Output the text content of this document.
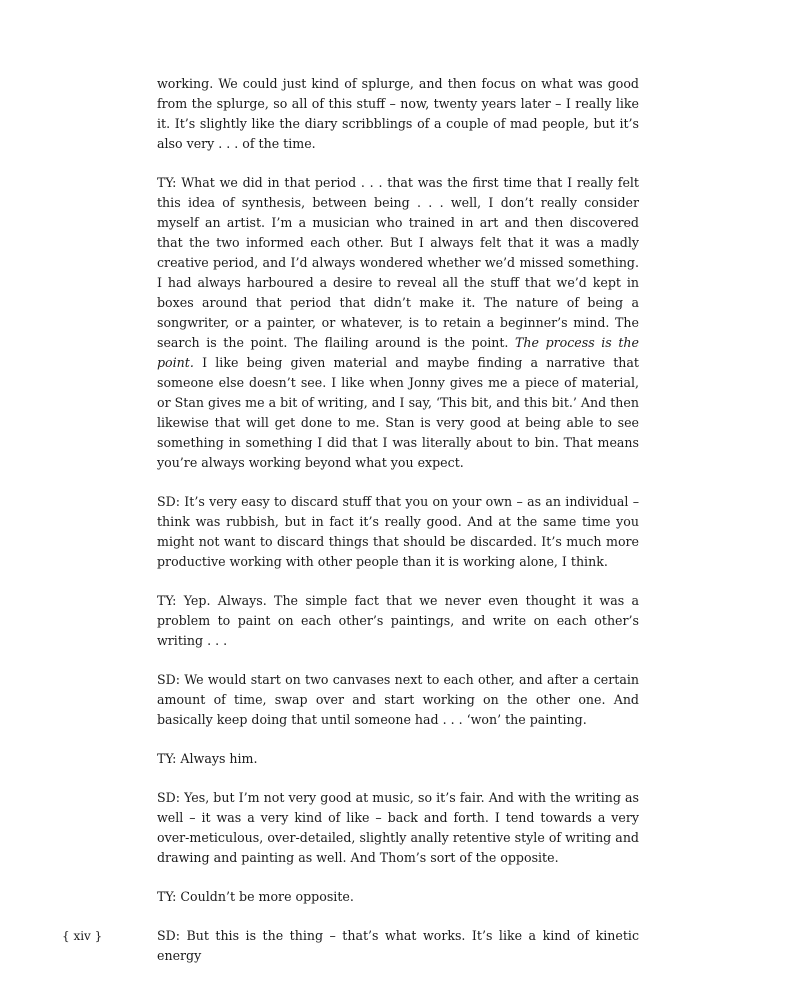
working. We could just kind of splurge, and then focus on what was good from the splurge, so all of this stuff – now, twenty years later – I really like it. It’s slightly like the diary scribblings of a couple of mad people, but it’s also very . . . of the time.

TY: What we did in that period . . . that was the first time that I really felt this idea of synthesis, between being . . . well, I don’t really consider myself an artist. I’m a musician who trained in art and then discovered that the two informed each other. But I always felt that it was a madly creative period, and I’d always wondered whether we’d missed something. I had always harboured a desire to reveal all the stuff that we’d kept in boxes around that period that didn’t make it. The nature of being a songwriter, or a painter, or whatever, is to retain a beginner’s mind. The search is the point. The flailing around is the point. The process is the point. I like being given material and maybe finding a narrative that someone else doesn’t see. I like when Jonny gives me a piece of material, or Stan gives me a bit of writing, and I say, ‘This bit, and this bit.’ And then likewise that will get done to me. Stan is very good at being able to see something in something I did that I was literally about to bin. That means you’re always working beyond what you expect.

SD: It’s very easy to discard stuff that you on your own – as an individual – think was rubbish, but in fact it’s really good. And at the same time you might not want to discard things that should be discarded. It’s much more productive working with other people than it is working alone, I think.

TY: Yep. Always. The simple fact that we never even thought it was a problem to paint on each other’s paintings, and write on each other’s writing . . .

SD: We would start on two canvases next to each other, and after a certain amount of time, swap over and start working on the other one. And basically keep doing that until someone had . . . ‘won’ the painting.

TY: Always him.

SD: Yes, but I’m not very good at music, so it’s fair. And with the writing as well – it was a very kind of like – back and forth. I tend towards a very over-meticulous, over-detailed, slightly anally retentive style of writing and drawing and painting as well. And Thom’s sort of the opposite.

TY: Couldn’t be more opposite.

SD: But this is the thing – that’s what works. It’s like a kind of kinetic energy

{ xiv }
